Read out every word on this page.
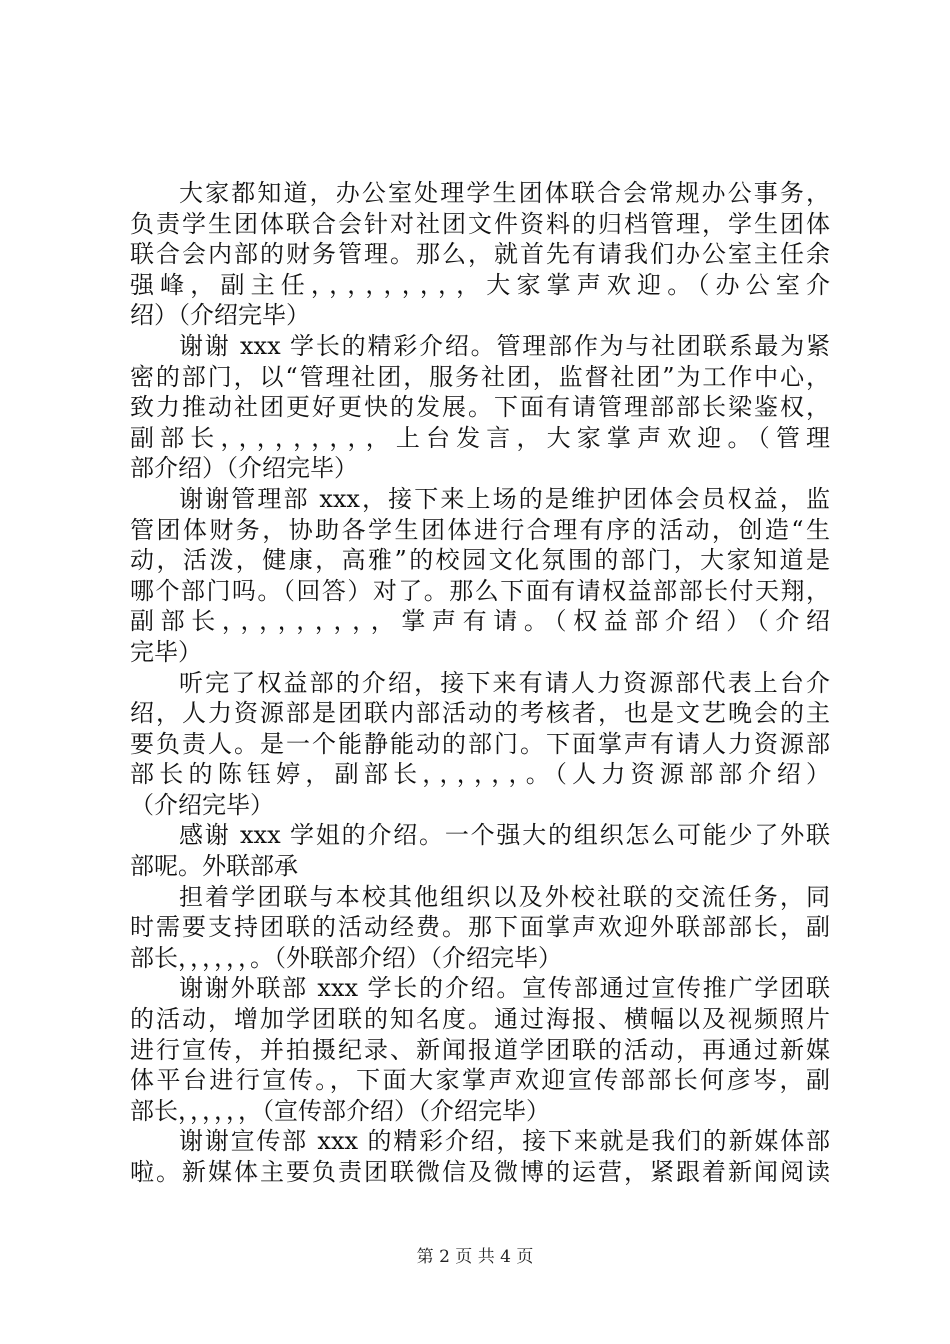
大家都知道，办公室处理学生团体联合会常规办公事务，
负责学生团体联合会针对社团文件资料的归档管理，学生团体
联合会内部的财务管理。那么，就首先有请我们办公室主任余
强峰，副主任，，，，，，，，，大家掌声欢迎。（办公室介
绍）（介绍完毕）
谢谢 xxx 学长的精彩介绍。管理部作为与社团联系最为紧
密的部门，以“管理社团，服务社团，监督社团”为工作中心，
致力推动社团更好更快的发展。下面有请管理部部长梁鉴权，
副部长，，，，，，，，，上台发言，大家掌声欢迎。（管理
部介绍）（介绍完毕）
谢谢管理部 xxx，接下来上场的是维护团体会员权益，监
管团体财务，协助各学生团体进行合理有序的活动，创造“生
动，活泼，健康，高雅”的校园文化氛围的部门，大家知道是
哪个部门吗。（回答）对了。那么下面有请权益部部长付天翔，
副部长，，，，，，，，，掌声有请。（权益部介绍）（介绍
完毕）
听完了权益部的介绍，接下来有请人力资源部代表上台介
绍，人力资源部是团联内部活动的考核者，也是文艺晚会的主
要负责人。是一个能静能动的部门。下面掌声有请人力资源部
部长的陈钰婷，副部长，，，，，，。（人力资源部部介绍）
（介绍完毕）
感谢 xxx 学姐的介绍。一个强大的组织怎么可能少了外联
部呢。外联部承
担着学团联与本校其他组织以及外校社联的交流任务，同
时需要支持团联的活动经费。那下面掌声欢迎外联部部长，副
部长，，，，，，。（外联部介绍）（介绍完毕）
谢谢外联部 xxx 学长的介绍。宣传部通过宣传推广学团联
的活动，增加学团联的知名度。通过海报、横幅以及视频照片
进行宣传，并拍摄纪录、新闻报道学团联的活动，再通过新媒
体平台进行宣传。，下面大家掌声欢迎宣传部部长何彦岑，副
部长，，，，，，（宣传部介绍）（介绍完毕）
谢谢宣传部 xxx 的精彩介绍，接下来就是我们的新媒体部
啦。新媒体主要负责团联微信及微博的运营，紧跟着新闻阅读
第 2 页 共 4 页
